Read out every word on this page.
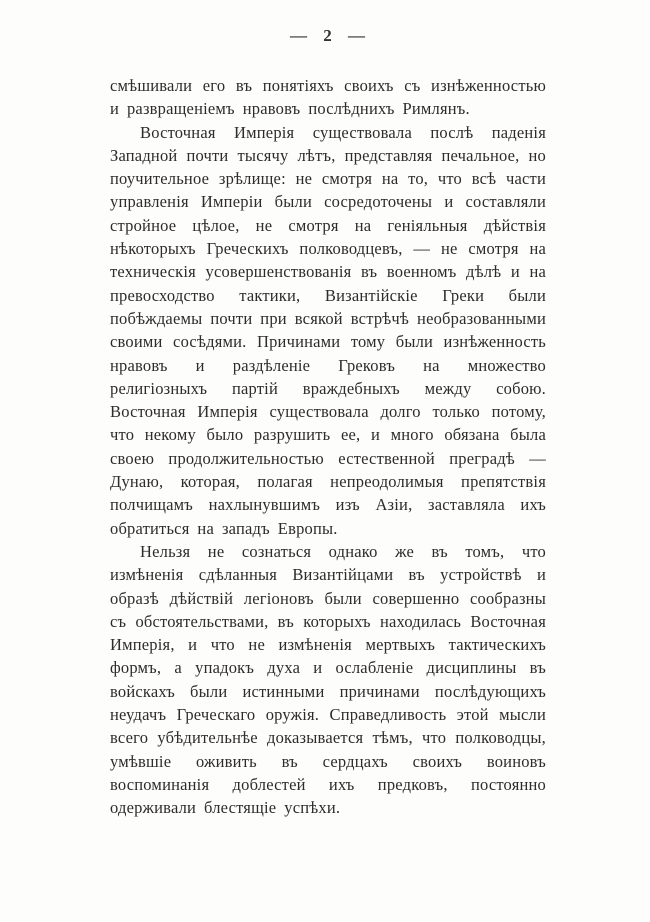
— 2 —

смѣшивали его въ понятіяхъ своихъ съ изнѣженностью и развращеніемъ нравовъ послѣднихъ Римлянъ.

Восточная Имперія существовала послѣ паденія Западной почти тысячу лѣтъ, представляя печальное, но поучительное зрѣлище: не смотря на то, что всѣ части управленія Имперіи были сосредоточены и составляли стройное цѣлое, не смотря на геніяльныя дѣйствія нѣкоторыхъ Греческихъ полководцевъ, — не смотря на техническія усовершенствованія въ военномъ дѣлѣ и на превосходство тактики, Византійскіе Греки были побѣждаемы почти при всякой встрѣчѣ необразованными своими сосѣдями. Причинами тому были изнѣженность нравовъ и раздѣленіе Грековъ на множество религіозныхъ партій враждебныхъ между собою. Восточная Имперія существовала долго только потому, что некому было разрушить ее, и много обязана была своею продолжительностью естественной преградѣ — Дунаю, которая, полагая непреодолимыя препятствія полчищамъ нахлынувшимъ изъ Азіи, заставляла ихъ обратиться на западъ Европы.

Нельзя не сознаться однако же въ томъ, что измѣненія сдѣланныя Византійцами въ устройствѣ и образѣ дѣйствій легіоновъ были совершенно сообразны съ обстоятельствами, въ которыхъ находилась Восточная Имперія, и что не измѣненія мертвыхъ тактическихъ формъ, а упадокъ духа и ослабленіе дисциплины въ войскахъ были истинными причинами послѣдующихъ неудачъ Греческаго оружія. Справедливость этой мысли всего убѣдительнѣе доказывается тѣмъ, что полководцы, умѣвшіе оживить въ сердцахъ своихъ воиновъ воспоминанія доблестей ихъ предковъ, постоянно одерживали блестящіе успѣхи.
